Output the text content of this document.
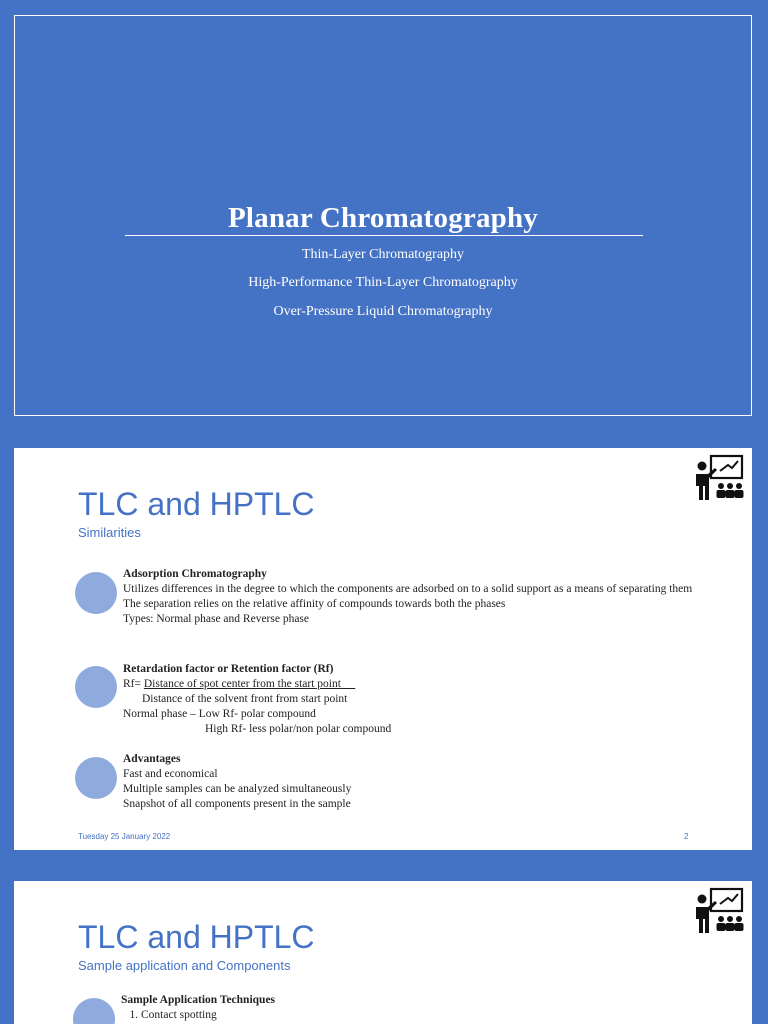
Planar Chromatography
Thin-Layer Chromatography
High-Performance Thin-Layer Chromatography
Over-Pressure Liquid Chromatography
TLC and HPTLC
Similarities
Adsorption Chromatography
Utilizes differences in the degree to which the components are adsorbed on to a solid support as a means of separating them
The separation relies on the relative affinity of compounds towards both the phases
Types: Normal phase and Reverse phase
Retardation factor or Retention factor (Rf)
Rf= Distance of spot center from the start point
Distance of the solvent front from start point
Normal phase – Low Rf- polar compound
High Rf- less polar/non polar compound
Advantages
Fast and economical
Multiple samples can be analyzed simultaneously
Snapshot of all components present in the sample
Tuesday 25 January 2022	2
TLC and HPTLC
Sample application and Components
Sample Application Techniques
1. Contact spotting
